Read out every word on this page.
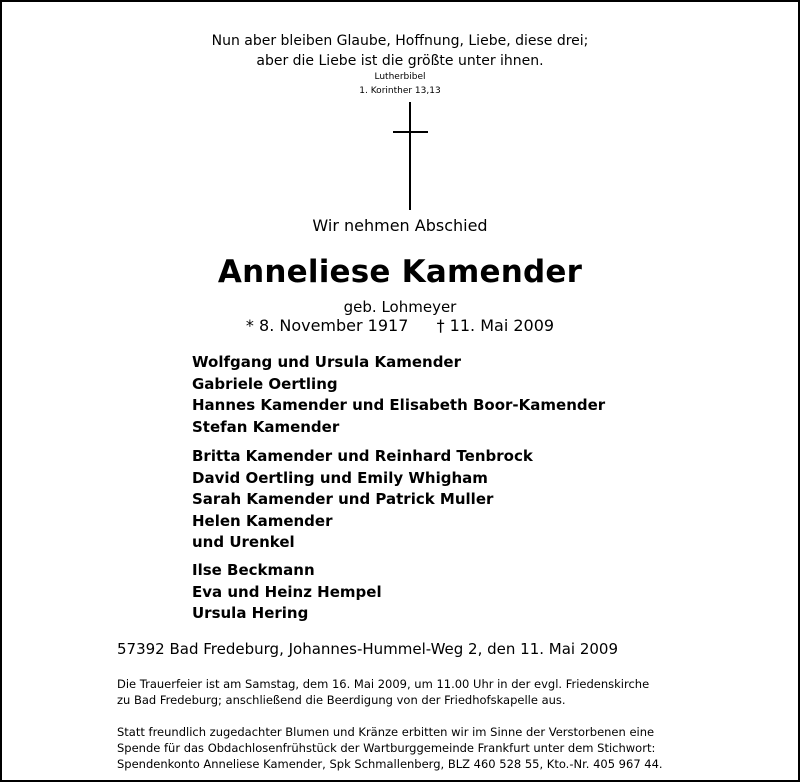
Nun aber bleiben Glaube, Hoffnung, Liebe, diese drei;
aber die Liebe ist die größte unter ihnen.
Lutherbibel
1. Korinther 13,13
Wir nehmen Abschied
Anneliese Kamender
geb. Lohmeyer
* 8. November 1917 † 11. Mai 2009
Wolfgang und Ursula Kamender
Gabriele Oertling
Hannes Kamender und Elisabeth Boor-Kamender
Stefan Kamender
Britta Kamender und Reinhard Tenbrock
David Oertling und Emily Whigham
Sarah Kamender und Patrick Muller
Helen Kamender
und Urenkel
Ilse Beckmann
Eva und Heinz Hempel
Ursula Hering
57392 Bad Fredeburg, Johannes-Hummel-Weg 2, den 11. Mai 2009
Die Trauerfeier ist am Samstag, dem 16. Mai 2009, um 11.00 Uhr in der evgl. Friedenskirche
zu Bad Fredeburg; anschließend die Beerdigung von der Friedhofskapelle aus.
Statt freundlich zugedachter Blumen und Kränze erbitten wir im Sinne der Verstorbenen eine
Spende für das Obdachlosenfrühstück der Wartburggemeinde Frankfurt unter dem Stichwort:
Spendenkonto Anneliese Kamender, Spk Schmallenberg, BLZ 460 528 55, Kto.-Nr. 405 967 44.
